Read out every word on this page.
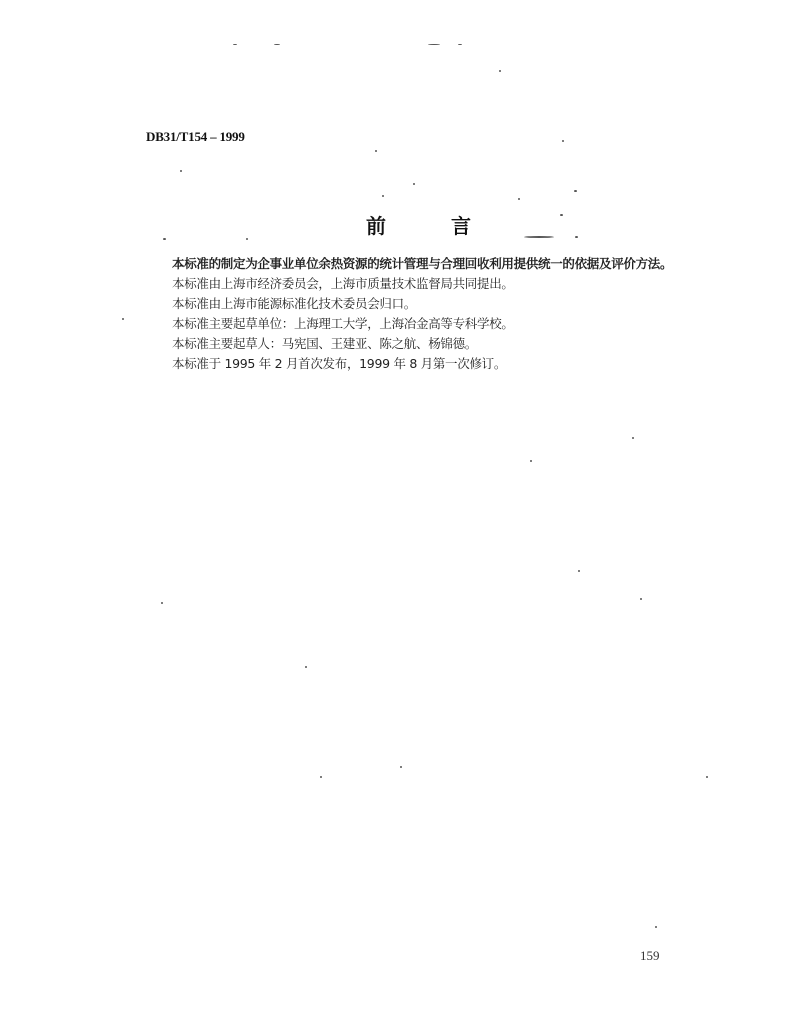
DB31/T154 – 1999
前	言

本标准的制定为企事业单位余热资源的统计管理与合理回收利用提供统一的依据及评价方法。

本标准由上海市经济委员会，上海市质量技术监督局共同提出。

本标准由上海市能源标准化技术委员会归口。

本标准主要起草单位：上海理工大学，上海冶金高等专科学校。

本标准主要起草人：马宪国、王建亚、陈之航、杨锦德。

本标准于 1995 年 2 月首次发布，1999 年 8 月第一次修订。

159
